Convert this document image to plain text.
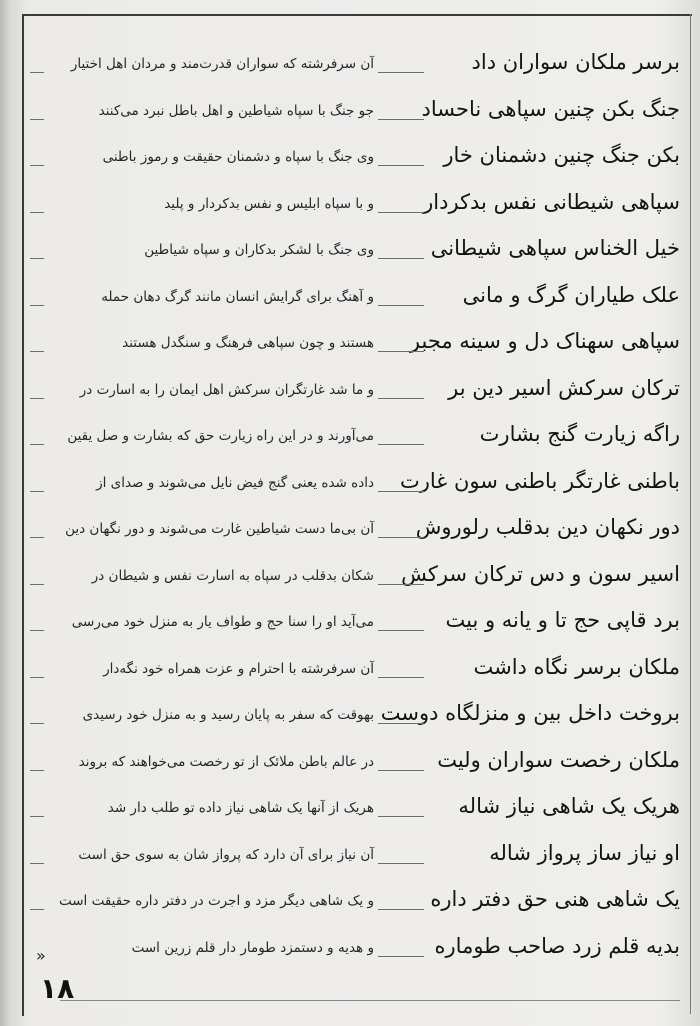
برسر ملکان سواران داد
آن سرفرشته که سواران قدرت‌مند و مردان اهل اختیار
جنگ بکن چنین سپاهی ناحساد
جو جنگ با سپاه شیاطین و اهل باطل نبرد می‌کنند
بکن جنگ چنین دشمنان خار
وی جنگ با سپاه و دشمنان حقیقت و رموز باطنی
سپاهی شیطانی نفس بدکردار
و با سپاه ابلیس و نفس بدکردار و پلید
خیل الخناس سپاهی شیطانی
وی جنگ با لشکر بدکاران و سپاه شیاطین
علک طیاران گرگ و مانی
و آهنگ برای گرایش انسان مانند گرگ دهان حمله
سپاهی سهناک دل و سینه مجبر
هستند و چون سپاهی فرهنگ و سنگدل هستند
ترکان سرکش اسیر دین بر
و ما شد غارتگران سرکش اهل ایمان را به اسارت در
راگه زیارت گنج بشارت
می‌آورند و در این راه زیارت حق که بشارت و صل یقین
باطنی غارتگر باطنی سون غارت
داده شده یعنی گنج فیض نایل می‌شوند و صدای از
دور نکهان دین بدقلب رلوروش
آن بی‌ما دست شیاطین غارت می‌شوند و دور نگهان دین
اسیر سون و دس ترکان سرکش
شکان بدقلب در سپاه به اسارت نفس و شیطان در
برد قاپی حج تا و یانه و بیت
می‌آید او را سنا حج و طواف یار به منزل خود می‌رسی
ملکان برسر نگاه داشت
آن سرفرشته با احترام و عزت همراه خود نگه‌دار
بروخت داخل بین و منزلگاه دوست
بهوقت که سفر به پایان رسید و به منزل خود رسیدی
ملکان رخصت سواران ولیت
در عالم باطن ملائک از تو رخصت می‌خواهند که بروند
هریک یک شاهی نیاز شاله
هریک از آنها یک شاهی نیاز داده تو طلب دار شد
او نیاز ساز پرواز شاله
آن نیاز برای آن دارد که پرواز شان به سوی حق است
یک شاهی هنی حق دفتر داره
و یک شاهی دیگر مزد و اجرت در دفتر داره حقیقت است
بدیه قلم زرد صاحب طوماره
و هدیه و دستمزد طومار دار قلم زرین است
»
۱۸
